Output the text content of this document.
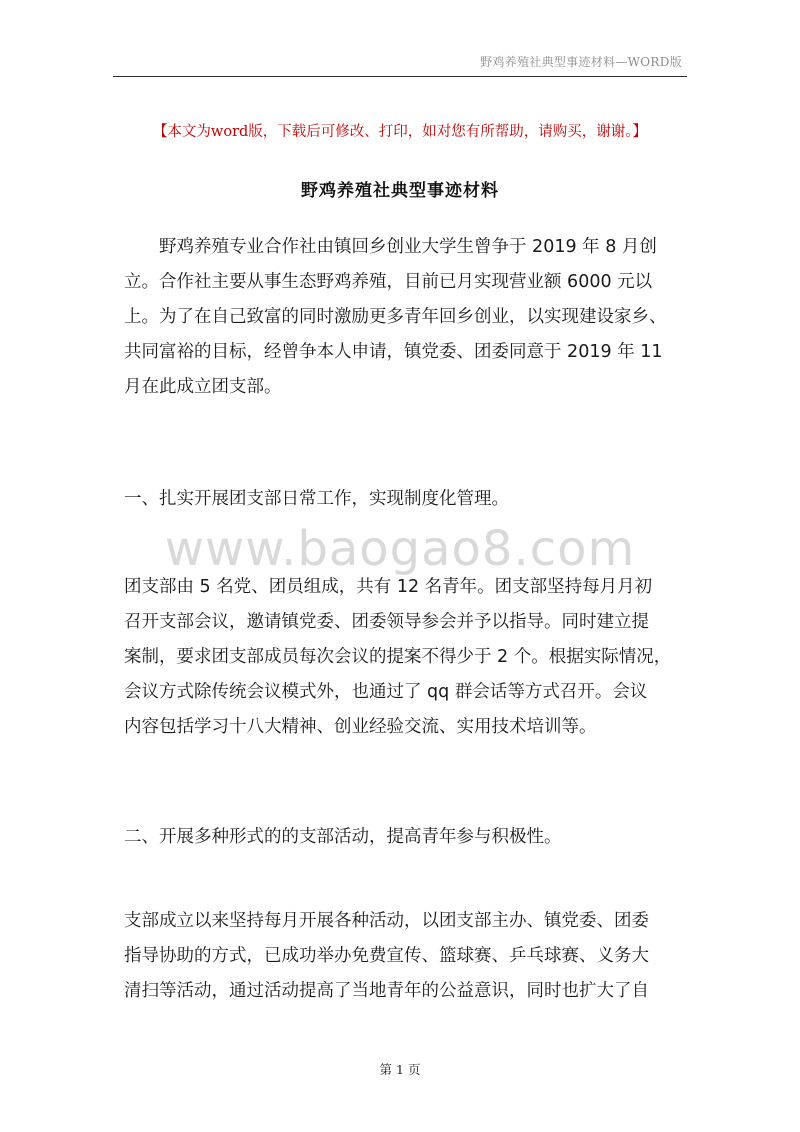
野鸡养殖社典型事迹材料—WORD版
【本文为word版，下载后可修改、打印，如对您有所帮助，请购买，谢谢。】
野鸡养殖社典型事迹材料
野鸡养殖专业合作社由镇回乡创业大学生曾争于 2019 年 8 月创
立。合作社主要从事生态野鸡养殖，目前已月实现营业额 6000 元以
上。为了在自己致富的同时激励更多青年回乡创业，以实现建设家乡、
共同富裕的目标，经曾争本人申请，镇党委、团委同意于 2019 年 11
月在此成立团支部。
一、扎实开展团支部日常工作，实现制度化管理。
www.baogao8.com
团支部由 5 名党、团员组成，共有 12 名青年。团支部坚持每月月初
召开支部会议，邀请镇党委、团委领导参会并予以指导。同时建立提
案制，要求团支部成员每次会议的提案不得少于 2 个。根据实际情况，
会议方式除传统会议模式外，也通过了 qq 群会话等方式召开。会议
内容包括学习十八大精神、创业经验交流、实用技术培训等。
二、开展多种形式的的支部活动，提高青年参与积极性。
支部成立以来坚持每月开展各种活动，以团支部主办、镇党委、团委
指导协助的方式，已成功举办免费宣传、篮球赛、乒乓球赛、义务大
清扫等活动，通过活动提高了当地青年的公益意识，同时也扩大了自
第 1 页
